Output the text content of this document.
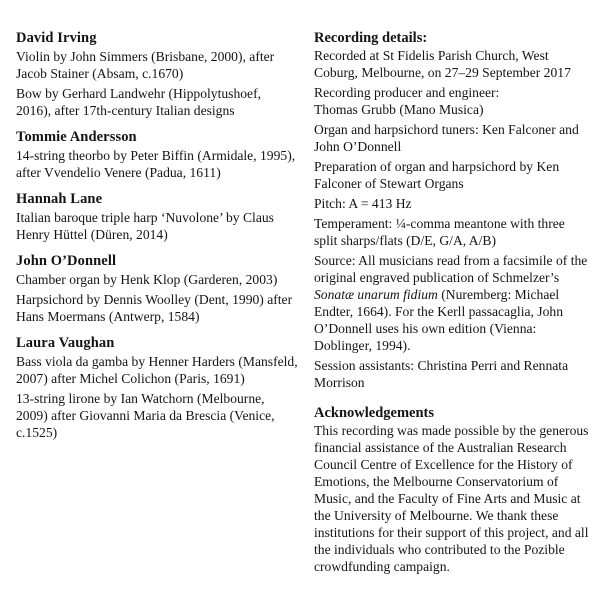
David Irving

Violin by John Simmers (Brisbane, 2000), after Jacob Stainer (Absam, c.1670)

Bow by Gerhard Landwehr (Hippolytushoef, 2016), after 17th-century Italian designs

Tommie Andersson

14-string theorbo by Peter Biffin (Armidale, 1995), after Vvendelio Venere (Padua, 1611)

Hannah Lane

Italian baroque triple harp ‘Nuvolone’ by Claus Henry Hüttel (Düren, 2014)

John O’Donnell

Chamber organ by Henk Klop (Garderen, 2003)

Harpsichord by Dennis Woolley (Dent, 1990) after Hans Moermans (Antwerp, 1584)

Laura Vaughan

Bass viola da gamba by Henner Harders (Mansfeld, 2007) after Michel Colichon (Paris, 1691)

13-string lirone by Ian Watchorn (Melbourne, 2009) after Giovanni Maria da Brescia (Venice, c.1525)

Recording details:

Recorded at St Fidelis Parish Church, West Coburg, Melbourne, on 27–29 September 2017

Recording producer and engineer:
Thomas Grubb (Mano Musica)

Organ and harpsichord tuners: Ken Falconer and John O’Donnell

Preparation of organ and harpsichord by Ken Falconer of Stewart Organs

Pitch: A = 413 Hz

Temperament: ¼-comma meantone with three split sharps/flats (D/E, G/A, A/B)

Source: All musicians read from a facsimile of the original engraved publication of Schmelzer’s Sonatæ unarum fidium (Nuremberg: Michael Endter, 1664). For the Kerll passacaglia, John O’Donnell uses his own edition (Vienna: Doblinger, 1994).

Session assistants: Christina Perri and Rennata Morrison

Acknowledgements

This recording was made possible by the generous financial assistance of the Australian Research Council Centre of Excellence for the History of Emotions, the Melbourne Conservatorium of Music, and the Faculty of Fine Arts and Music at the University of Melbourne. We thank these institutions for their support of this project, and all the individuals who contributed to the Pozible crowdfunding campaign.
